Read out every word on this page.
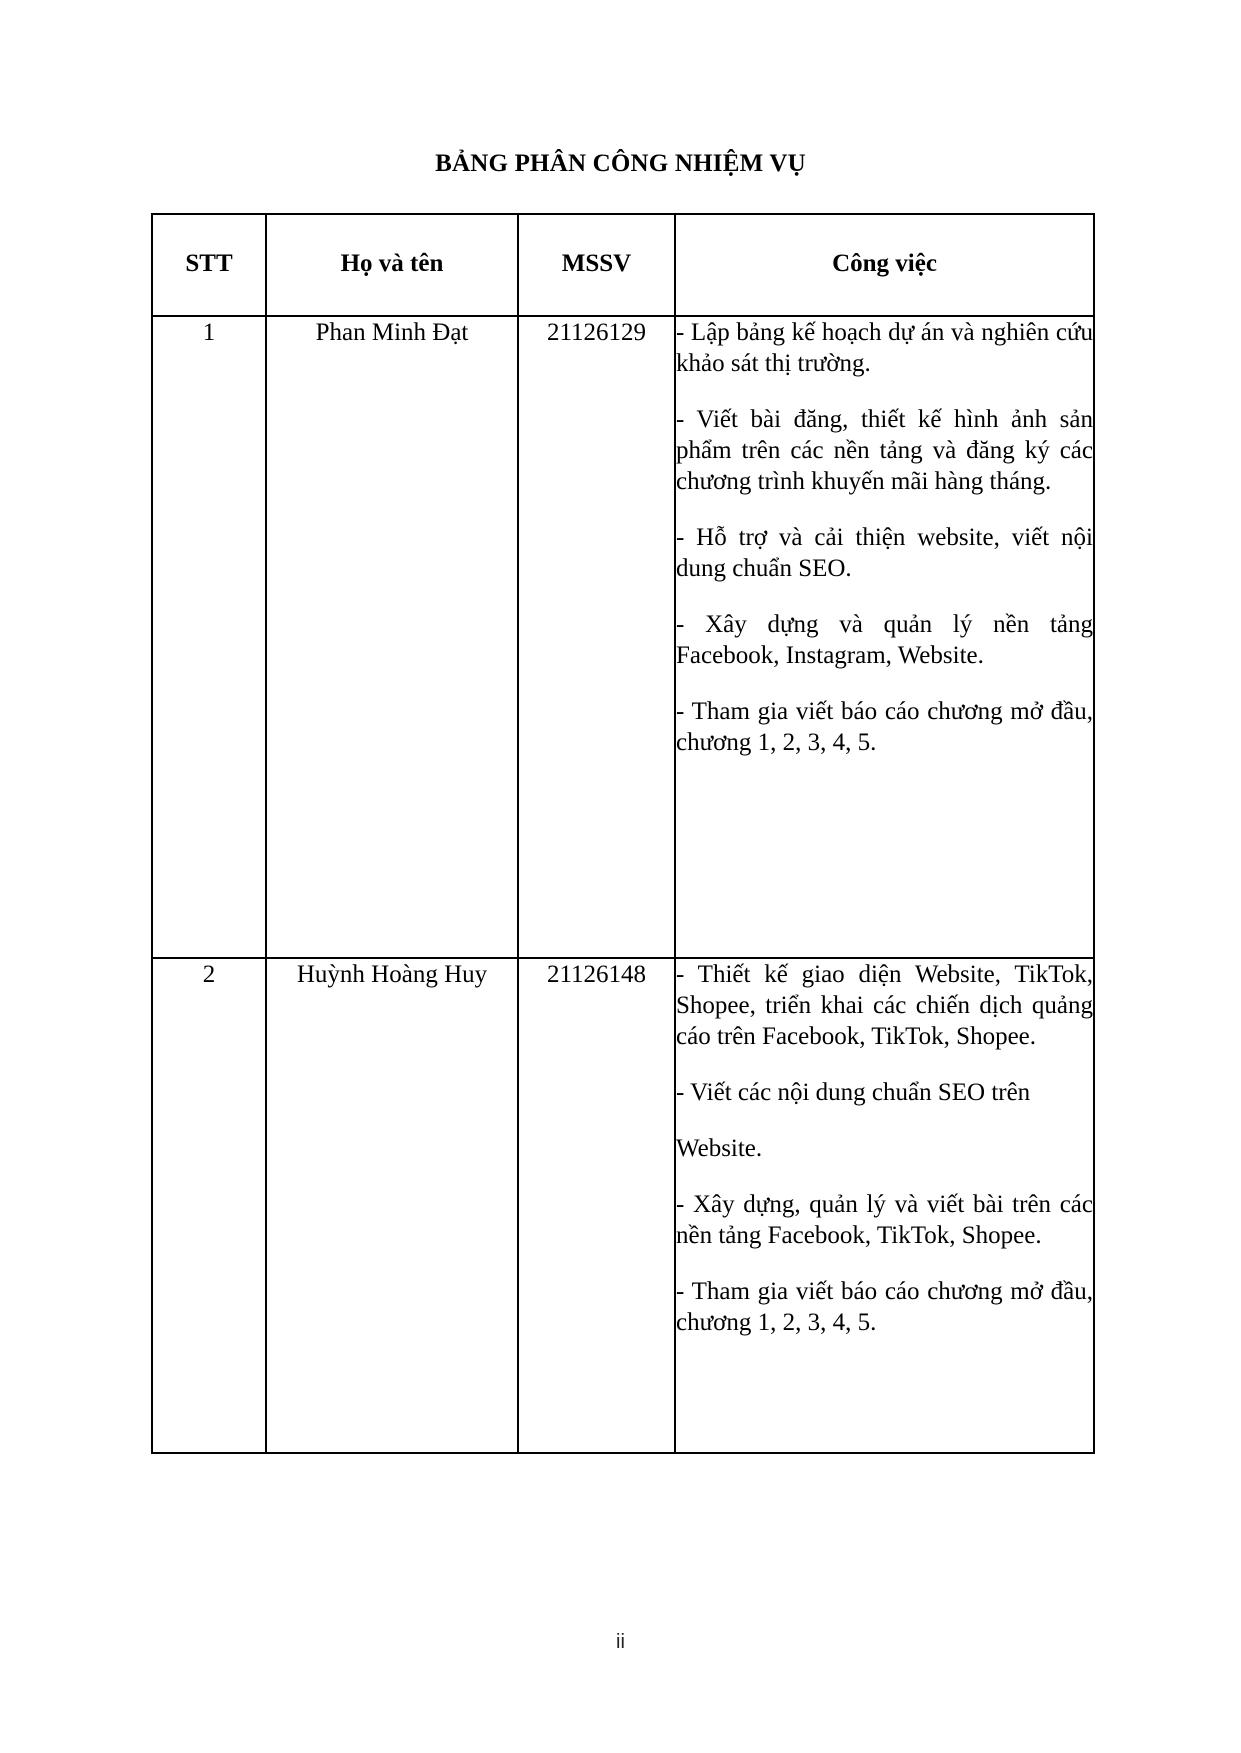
BẢNG PHÂN CÔNG NHIỆM VỤ
STT	Họ và tên	MSSV	Công việc
1	Phan Minh Đạt	21126129	- Lập bảng kế hoạch dự án và nghiên cứu khảo sát thị trường.

- Viết bài đăng, thiết kế hình ảnh sản phẩm trên các nền tảng và đăng ký các chương trình khuyến mãi hàng tháng.

- Hỗ trợ và cải thiện website, viết nội dung chuẩn SEO.

- Xây dựng và quản lý nền tảng Facebook, Instagram, Website.

- Tham gia viết báo cáo chương mở đầu, chương 1, 2, 3, 4, 5.

2	Huỳnh Hoàng Huy	21126148	- Thiết kế giao diện Website, TikTok, Shopee, triển khai các chiến dịch quảng cáo trên Facebook, TikTok, Shopee.

- Viết các nội dung chuẩn SEO trên

Website.

- Xây dựng, quản lý và viết bài trên các nền tảng Facebook, TikTok, Shopee.

- Tham gia viết báo cáo chương mở đầu, chương 1, 2, 3, 4, 5.

ii
